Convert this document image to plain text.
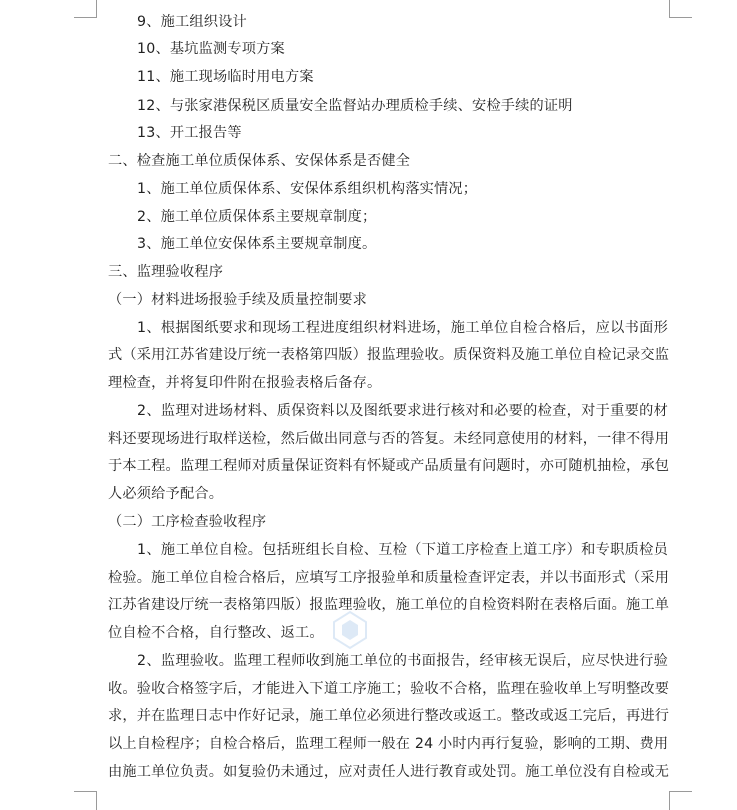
9、施工组织设计
10、基坑监测专项方案
11、施工现场临时用电方案
12、与张家港保税区质量安全监督站办理质检手续、安检手续的证明
13、开工报告等
二、检查施工单位质保体系、安保体系是否健全
1、施工单位质保体系、安保体系组织机构落实情况；
2、施工单位质保体系主要规章制度；
3、施工单位安保体系主要规章制度。
三、监理验收程序
（一）材料进场报验手续及质量控制要求
1、根据图纸要求和现场工程进度组织材料进场，施工单位自检合格后，应以书面形
式（采用江苏省建设厅统一表格第四版）报监理验收。质保资料及施工单位自检记录交监
理检查，并将复印件附在报验表格后备存。
2、监理对进场材料、质保资料以及图纸要求进行核对和必要的检查，对于重要的材
料还要现场进行取样送检，然后做出同意与否的答复。未经同意使用的材料，一律不得用
于本工程。监理工程师对质量保证资料有怀疑或产品质量有问题时，亦可随机抽检，承包
人必须给予配合。
（二）工序检查验收程序
1、施工单位自检。包括班组长自检、互检（下道工序检查上道工序）和专职质检员
检验。施工单位自检合格后，应填写工序报验单和质量检查评定表，并以书面形式（采用
江苏省建设厅统一表格第四版）报监理验收，施工单位的自检资料附在表格后面。施工单
位自检不合格，自行整改、返工。
2、监理验收。监理工程师收到施工单位的书面报告，经审核无误后，应尽快进行验
收。验收合格签字后，才能进入下道工序施工；验收不合格，监理在验收单上写明整改要
求，并在监理日志中作好记录，施工单位必须进行整改或返工。整改或返工完后，再进行
以上自检程序；自检合格后，监理工程师一般在 24 小时内再行复验，影响的工期、费用
由施工单位负责。如复验仍未通过，应对责任人进行教育或处罚。施工单位没有自检或无
